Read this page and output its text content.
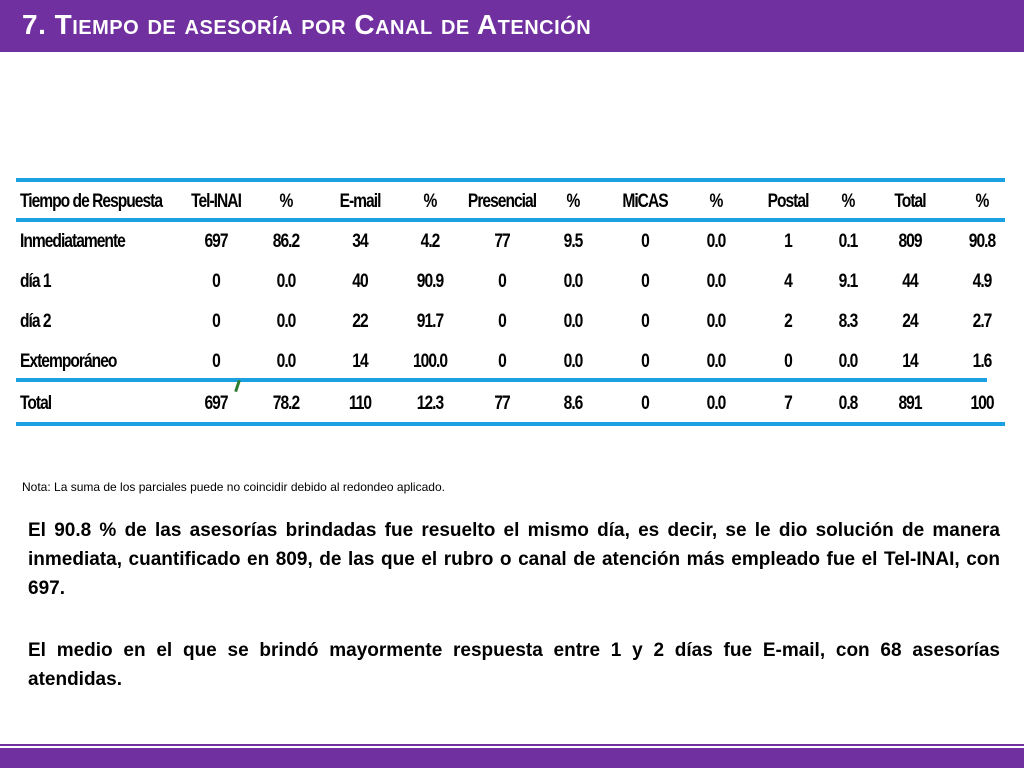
7. Tiempo de asesoría por Canal de Atención
Tiempo de Respuesta	Tel-INAI	%	E-mail	%	Presencial	%	MiCAS	%	Postal	%	Total	%
Inmediatamente	697	86.2	34	4.2	77	9.5	0	0.0	1	0.1	809	90.8
día 1	0	0.0	40	90.9	0	0.0	0	0.0	4	9.1	44	4.9
día 2	0	0.0	22	91.7	0	0.0	0	0.0	2	8.3	24	2.7
Extemporáneo	0	0.0	14	100.0	0	0.0	0	0.0	0	0.0	14	1.6
Total	697	78.2	110	12.3	77	8.6	0	0.0	7	0.8	891	100
Nota: La suma de los parciales puede no coincidir debido al redondeo aplicado.
El 90.8 % de las asesorías brindadas fue resuelto el mismo día, es decir, se le dio solución de manera inmediata, cuantificado en 809, de las que el rubro o canal de atención más empleado fue el Tel-INAI, con 697.
El medio en el que se brindó mayormente respuesta entre 1 y 2 días fue E-mail, con 68 asesorías atendidas.
